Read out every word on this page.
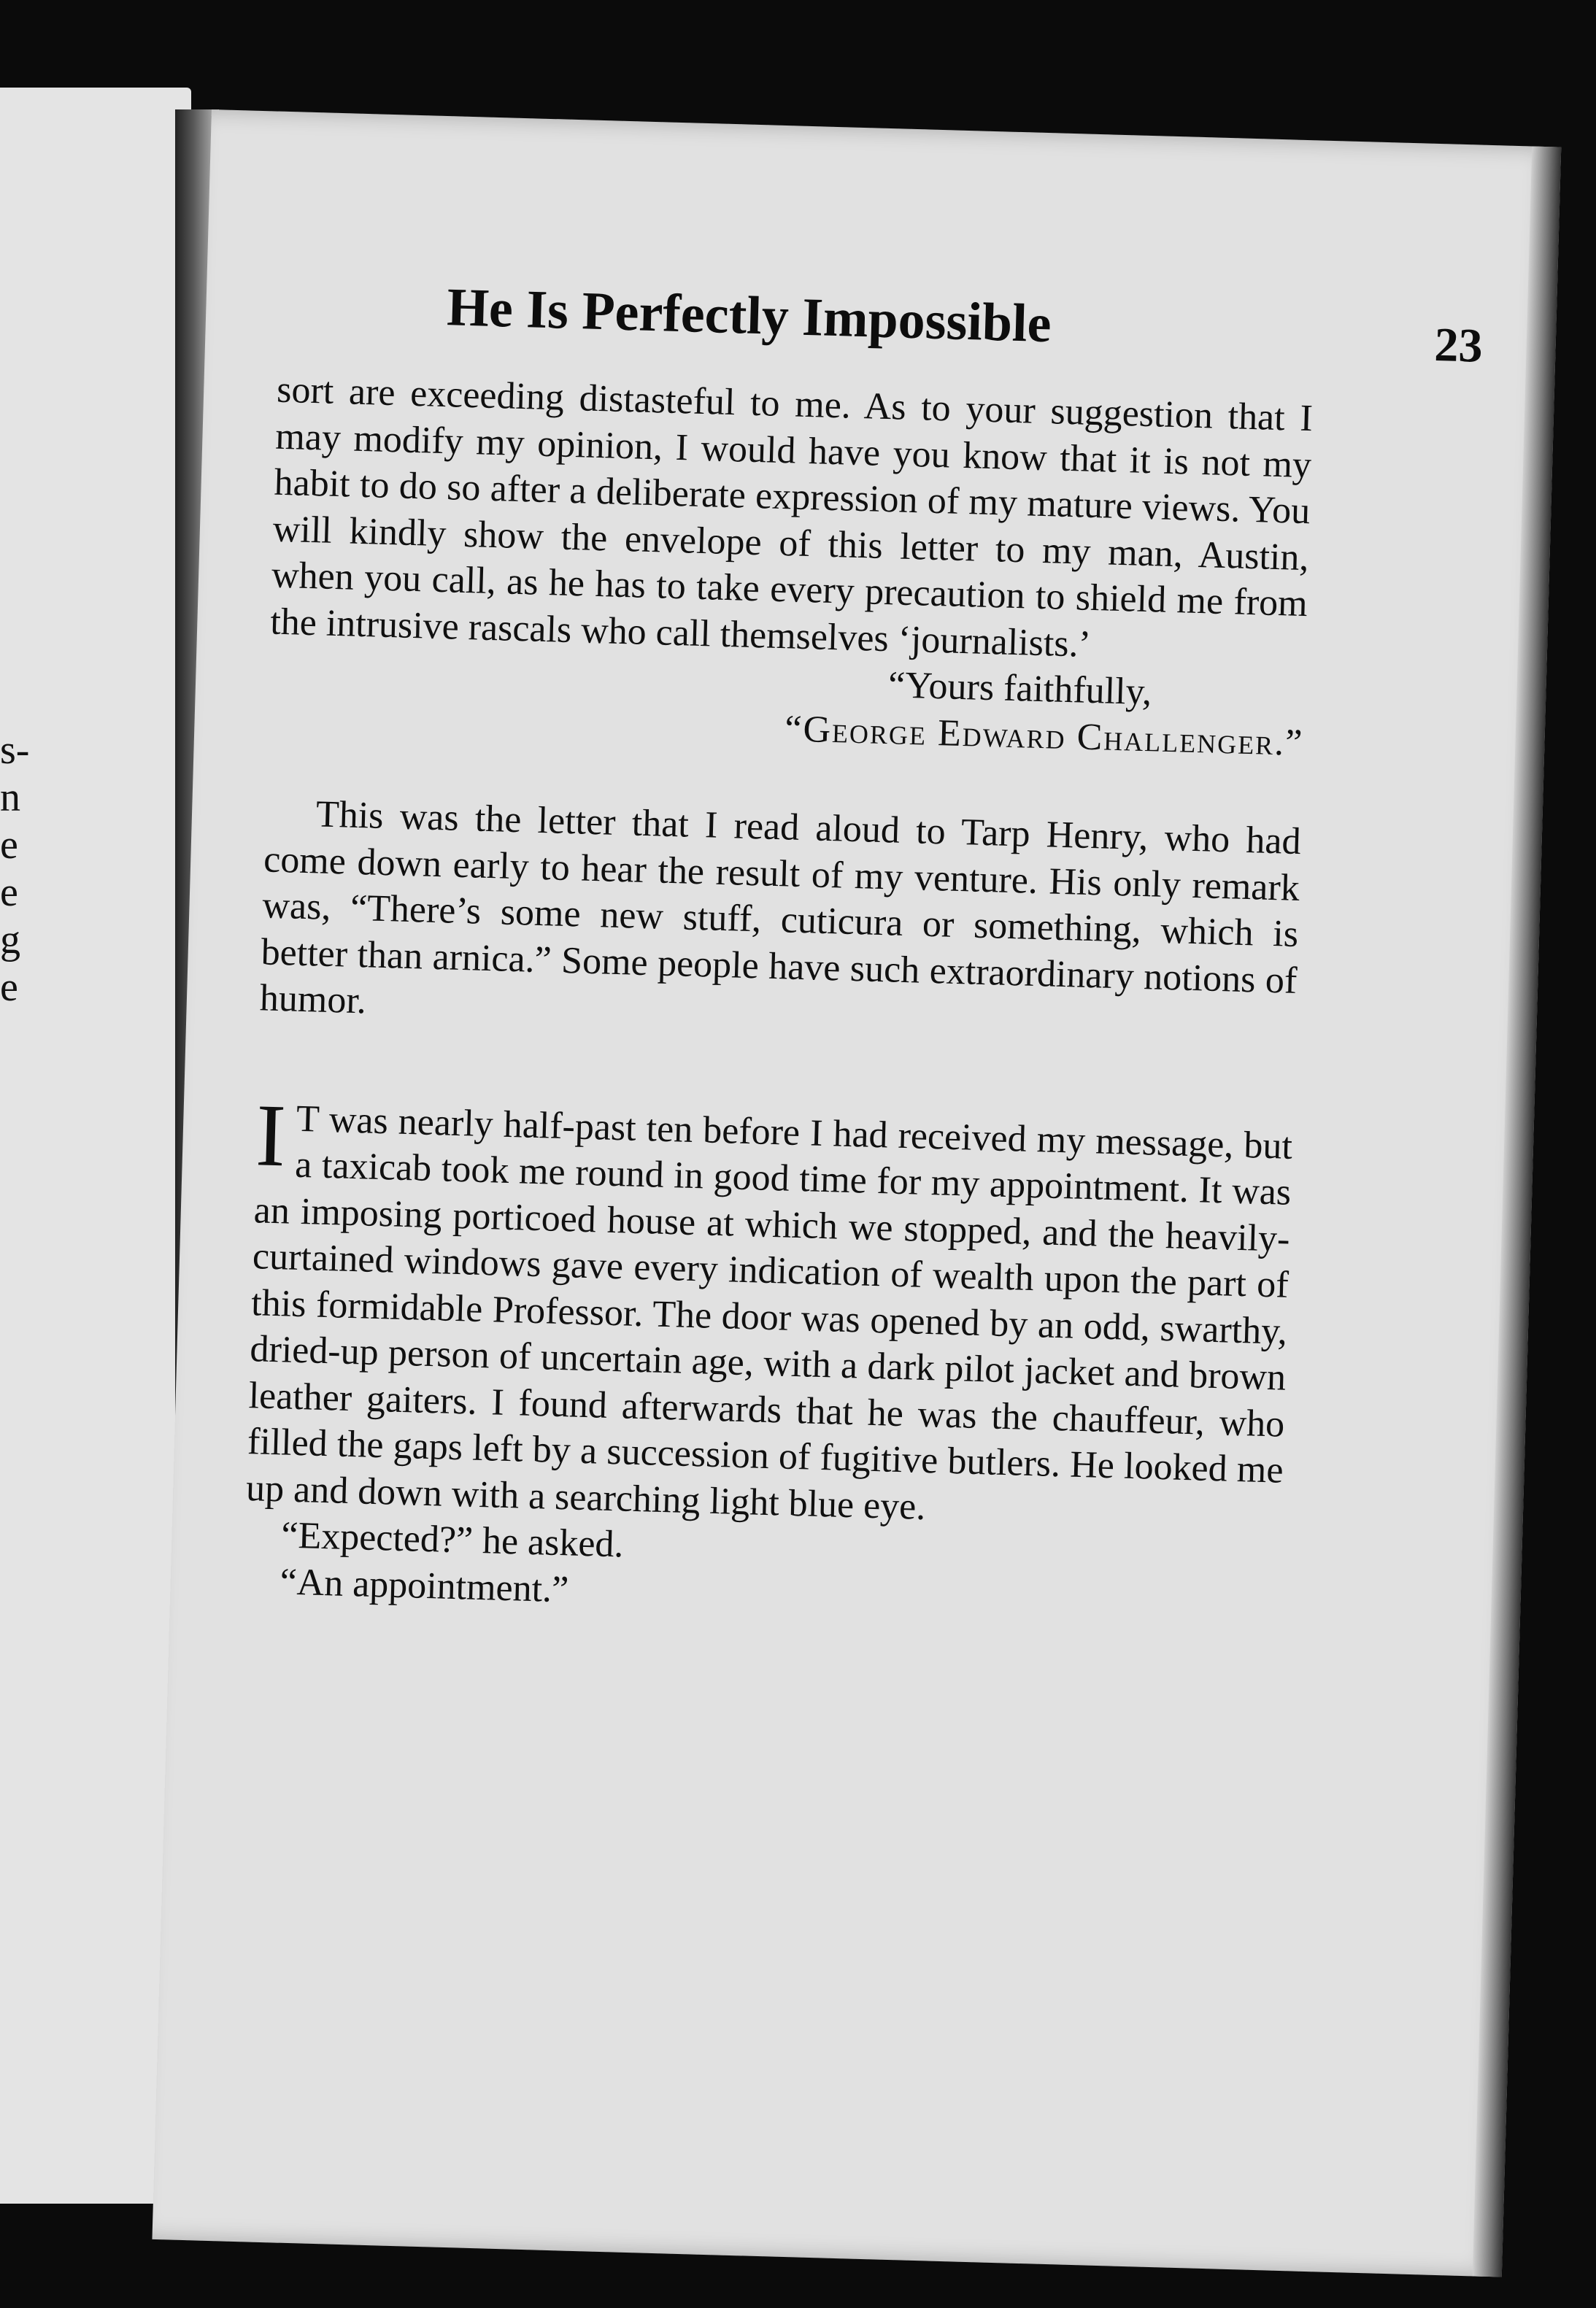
s-
n
e
e
g
e
He Is Perfectly Impossible	23

sort are exceeding distasteful to me. As to your suggestion that I may modify my opinion, I would have you know that it is not my habit to do so after a deliberate expression of my mature views. You will kindly show the envelope of this letter to my man, Austin, when you call, as he has to take every precaution to shield me from the intrusive rascals who call themselves ‘journalists.’

“Yours faithfully,

“George Edward Challenger.”

This was the letter that I read aloud to Tarp Henry, who had come down early to hear the result of my venture. His only remark was, “There’s some new stuff, cuticura or something, which is better than arnica.” Some people have such extraordinary notions of humor.

I T was nearly half-past ten before I had received my message, but a taxicab took me round in good time for my appointment. It was an imposing porticoed house at which we stopped, and the heavily-curtained windows gave every indication of wealth upon the part of this formidable Professor. The door was opened by an odd, swarthy, dried-up person of uncertain age, with a dark pilot jacket and brown leather gaiters. I found afterwards that he was the chauffeur, who filled the gaps left by a succession of fugitive butlers. He looked me up and down with a searching light blue eye.

“Expected?” he asked.

“An appointment.”
